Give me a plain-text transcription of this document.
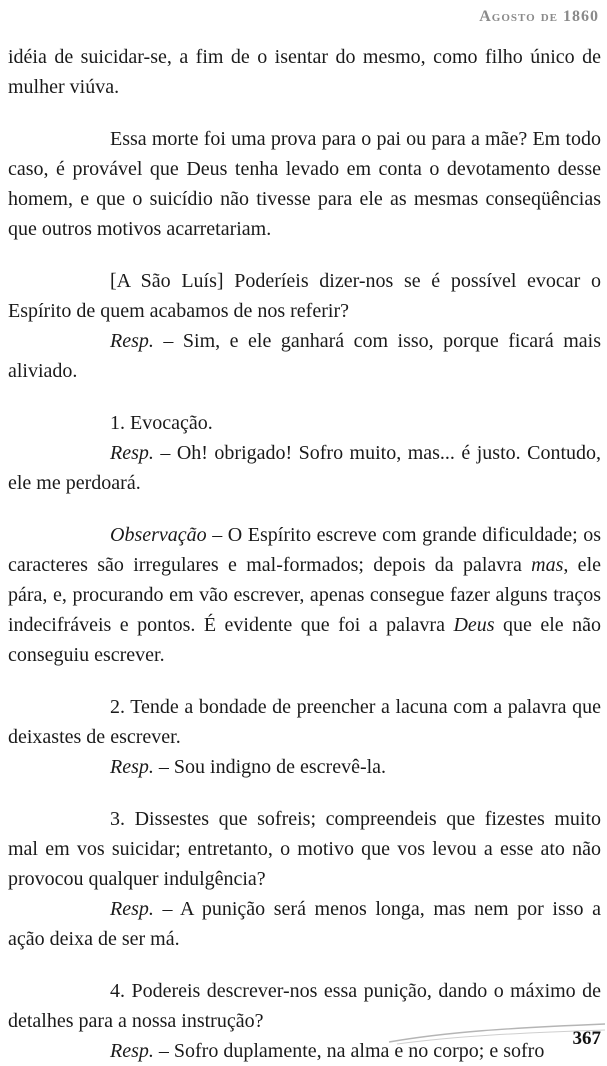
Agosto de 1860

idéia de suicidar-se, a fim de o isentar do mesmo, como filho único de mulher viúva.

Essa morte foi uma prova para o pai ou para a mãe? Em todo caso, é provável que Deus tenha levado em conta o devotamento desse homem, e que o suicídio não tivesse para ele as mesmas conseqüências que outros motivos acarretariam.

[A São Luís] Poderíeis dizer-nos se é possível evocar o Espírito de quem acabamos de nos referir?

Resp. – Sim, e ele ganhará com isso, porque ficará mais aliviado.

1. Evocação.

Resp. – Oh! obrigado! Sofro muito, mas... é justo. Contudo, ele me perdoará.

Observação – O Espírito escreve com grande dificuldade; os caracteres são irregulares e mal-formados; depois da palavra mas, ele pára, e, procurando em vão escrever, apenas consegue fazer alguns traços indecifráveis e pontos. É evidente que foi a palavra Deus que ele não conseguiu escrever.

2. Tende a bondade de preencher a lacuna com a palavra que deixastes de escrever.

Resp. – Sou indigno de escrevê-la.

3. Dissestes que sofreis; compreendeis que fizestes muito mal em vos suicidar; entretanto, o motivo que vos levou a esse ato não provocou qualquer indulgência?

Resp. – A punição será menos longa, mas nem por isso a ação deixa de ser má.

4. Podereis descrever-nos essa punição, dando o máximo de detalhes para a nossa instrução?

Resp. – Sofro duplamente, na alma e no corpo; e sofro

367
